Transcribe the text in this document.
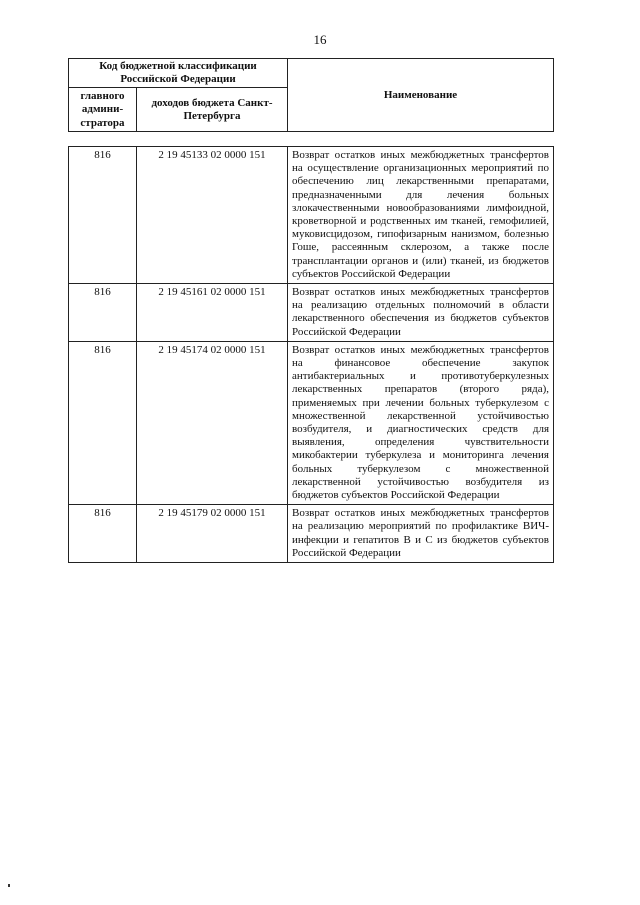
16
Код бюджетной классификации Российской Федерации		Наименование
главного админи-стратора	доходов бюджета Санкт-Петербурга	
816	2 19 45133 02 0000 151	Возврат остатков иных межбюджетных трансфертов на осуществление организационных мероприятий по обеспечению лиц лекарственными препаратами, предназначенными для лечения больных злокачественными новообразованиями лимфоидной, кроветворной и родственных им тканей, гемофилией, муковисцидозом, гипофизарным нанизмом, болезнью Гоше, рассеянным склерозом, а также после трансплантации органов и (или) тканей, из бюджетов субъектов Российской Федерации
816	2 19 45161 02 0000 151	Возврат остатков иных межбюджетных трансфертов на реализацию отдельных полномочий в области лекарственного обеспечения из бюджетов субъектов Российской Федерации
816	2 19 45174 02 0000 151	Возврат остатков иных межбюджетных трансфертов на финансовое обеспечение закупок антибактериальных и противотуберкулезных лекарственных препаратов (второго ряда), применяемых при лечении больных туберкулезом с множественной лекарственной устойчивостью возбудителя, и диагностических средств для выявления, определения чувствительности микобактерии туберкулеза и мониторинга лечения больных туберкулезом с множественной лекарственной устойчивостью возбудителя из бюджетов субъектов Российской Федерации
816	2 19 45179 02 0000 151	Возврат остатков иных межбюджетных трансфертов на реализацию мероприятий по профилактике ВИЧ-инфекции и гепатитов В и С из бюджетов субъектов Российской Федерации
